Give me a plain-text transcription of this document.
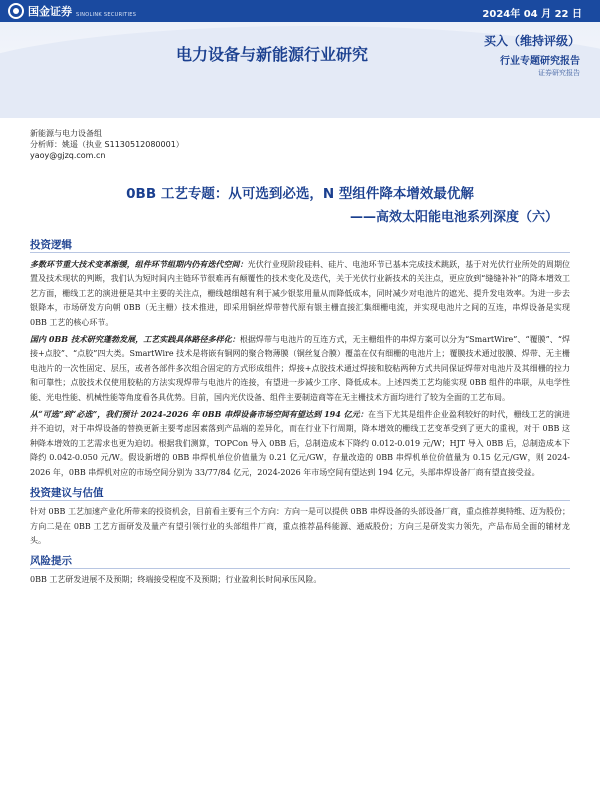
国金证券 SINOLINK SECURITIES	2024年 04 月 22 日
电力设备与新能源行业研究
买入（维持评级）
行业专题研究报告
证券研究报告
新能源与电力设备组
分析师：姚遥（执业 S1130512080001）
yaoy@gjzq.com.cn
0BB 工艺专题：从可选到必选，N 型组件降本增效最优解
——高效太阳能电池系列深度（六）
投资逻辑

多数环节重大技术变革渐缓，组件环节组期内仍有迭代空间：光伏行业现阶段硅料、硅片、电池环节已基本完成技术跳跃，基于对光伏行业所处的周期位置及技术现状的判断，我们认为短时间内主链环节很难再有颠覆性的技术变化及迭代，关于光伏行业新技术的关注点，更应放到“缝缝补补”的降本增效工艺方面，栅线工艺的演进便是其中主要的关注点，栅线越细越有利于减少银浆用量从而降低成本，同时减少对电池片的遮光、提升发电效率。为进一步去银降本，市场研发方向朝 0BB（无主栅）技术推进，即采用铜丝焊带替代原有银主栅直接汇集细栅电流，并实现电池片之间的互连，串焊设备是实现 0BB 工艺的核心环节。

国内 0BB 技术研究蓬勃发展，工艺实践具体路径多样化：根据焊带与电池片的互连方式，无主栅组件的串焊方案可以分为“SmartWire”、“覆膜”、“焊接+点胶”、“点胶”四大类。SmartWire 技术是将嵌有铜网的聚合物薄膜（铜丝复合膜）覆盖在仅有细栅的电池片上；覆膜技术通过胶膜、焊带、无主栅电池片的一次性固定、层压，或者各部件多次组合固定的方式形成组件；焊接+点胶技术通过焊接和胶粘两种方式共同保证焊带对电池片及其细栅的拉力和可靠性；点胶技术仅使用胶粘的方法实现焊带与电池片的连接，有望进一步减少工序、降低成本。上述四类工艺均能实现 0BB 组件的串联，从电学性能、光电性能、机械性能等角度看各具优势。目前，国内光伏设备、组件主要制造商等在无主栅技术方面均进行了较为全面的工艺布局。

从“可选”到“必选”，我们预计 2024-2026 年 0BB 串焊设备市场空间有望达到 194 亿元：在当下尤其是组件企业盈利较好的时代，栅线工艺的演进并不迫切，对于串焊设备的替换更新主要考虑因素落到产品端的差异化，而在行业下行周期，降本增效的栅线工艺变革受到了更大的重视，对于 0BB 这种降本增效的工艺需求也更为迫切。根据我们测算，TOPCon 导入 0BB 后，总制造成本下降约 0.012-0.019 元/W；HJT 导入 0BB 后，总制造成本下降约 0.042-0.050 元/W。假设新增的 0BB 串焊机单位价值量为 0.21 亿元/GW，存量改造的 0BB 串焊机单位价值量为 0.15 亿元/GW，则 2024-2026 年，0BB 串焊机对应的市场空间分别为 33/77/84 亿元，2024-2026 年市场空间有望达到 194 亿元，头部串焊设备厂商有望直接受益。

投资建议与估值

针对 0BB 工艺加速产业化所带来的投资机会，目前看主要有三个方向：方向一是可以提供 0BB 串焊设备的头部设备厂商，重点推荐奥特维、迈为股份；方向二是在 0BB 工艺方面研发及量产有望引领行业的头部组件厂商，重点推荐晶科能源、通威股份；方向三是研发实力领先，产品布局全面的辅材龙头。

风险提示

0BB 工艺研发进展不及预期；终端接受程度不及预期；行业盈利长时间承压风险。
